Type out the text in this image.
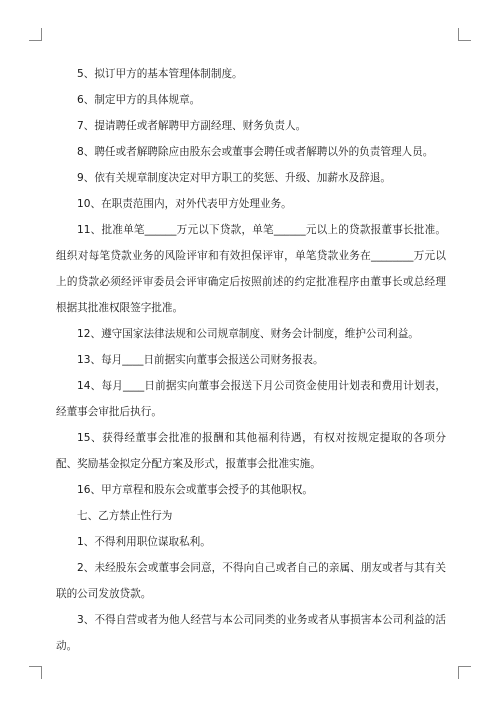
5、拟订甲方的基本管理体制制度。

6、制定甲方的具体规章。

7、提请聘任或者解聘甲方副经理、财务负责人。

8、聘任或者解聘除应由股东会或董事会聘任或者解聘以外的负责管理人员。

9、依有关规章制度决定对甲方职工的奖惩、升级、加薪水及辞退。

10、在职责范围内，对外代表甲方处理业务。

11、批准单笔______万元以下贷款，单笔______元以上的贷款报董事长批准。组织对每笔贷款业务的风险评审和有效担保评审，单笔贷款业务在________万元以上的贷款必须经评审委员会评审确定后按照前述的约定批准程序由董事长或总经理根据其批准权限签字批准。

12、遵守国家法律法规和公司规章制度、财务会计制度，维护公司利益。

13、每月____日前据实向董事会报送公司财务报表。

14、每月____日前据实向董事会报送下月公司资金使用计划表和费用计划表，经董事会审批后执行。

15、获得经董事会批准的报酬和其他福利待遇，有权对按规定提取的各项分配、奖励基金拟定分配方案及形式，报董事会批准实施。

16、甲方章程和股东会或董事会授予的其他职权。

七、乙方禁止性行为

1、不得利用职位谋取私利。

2、未经股东会或董事会同意，不得向自己或者自己的亲属、朋友或者与其有关联的公司发放贷款。

3、不得自营或者为他人经营与本公司同类的业务或者从事损害本公司利益的活动。
